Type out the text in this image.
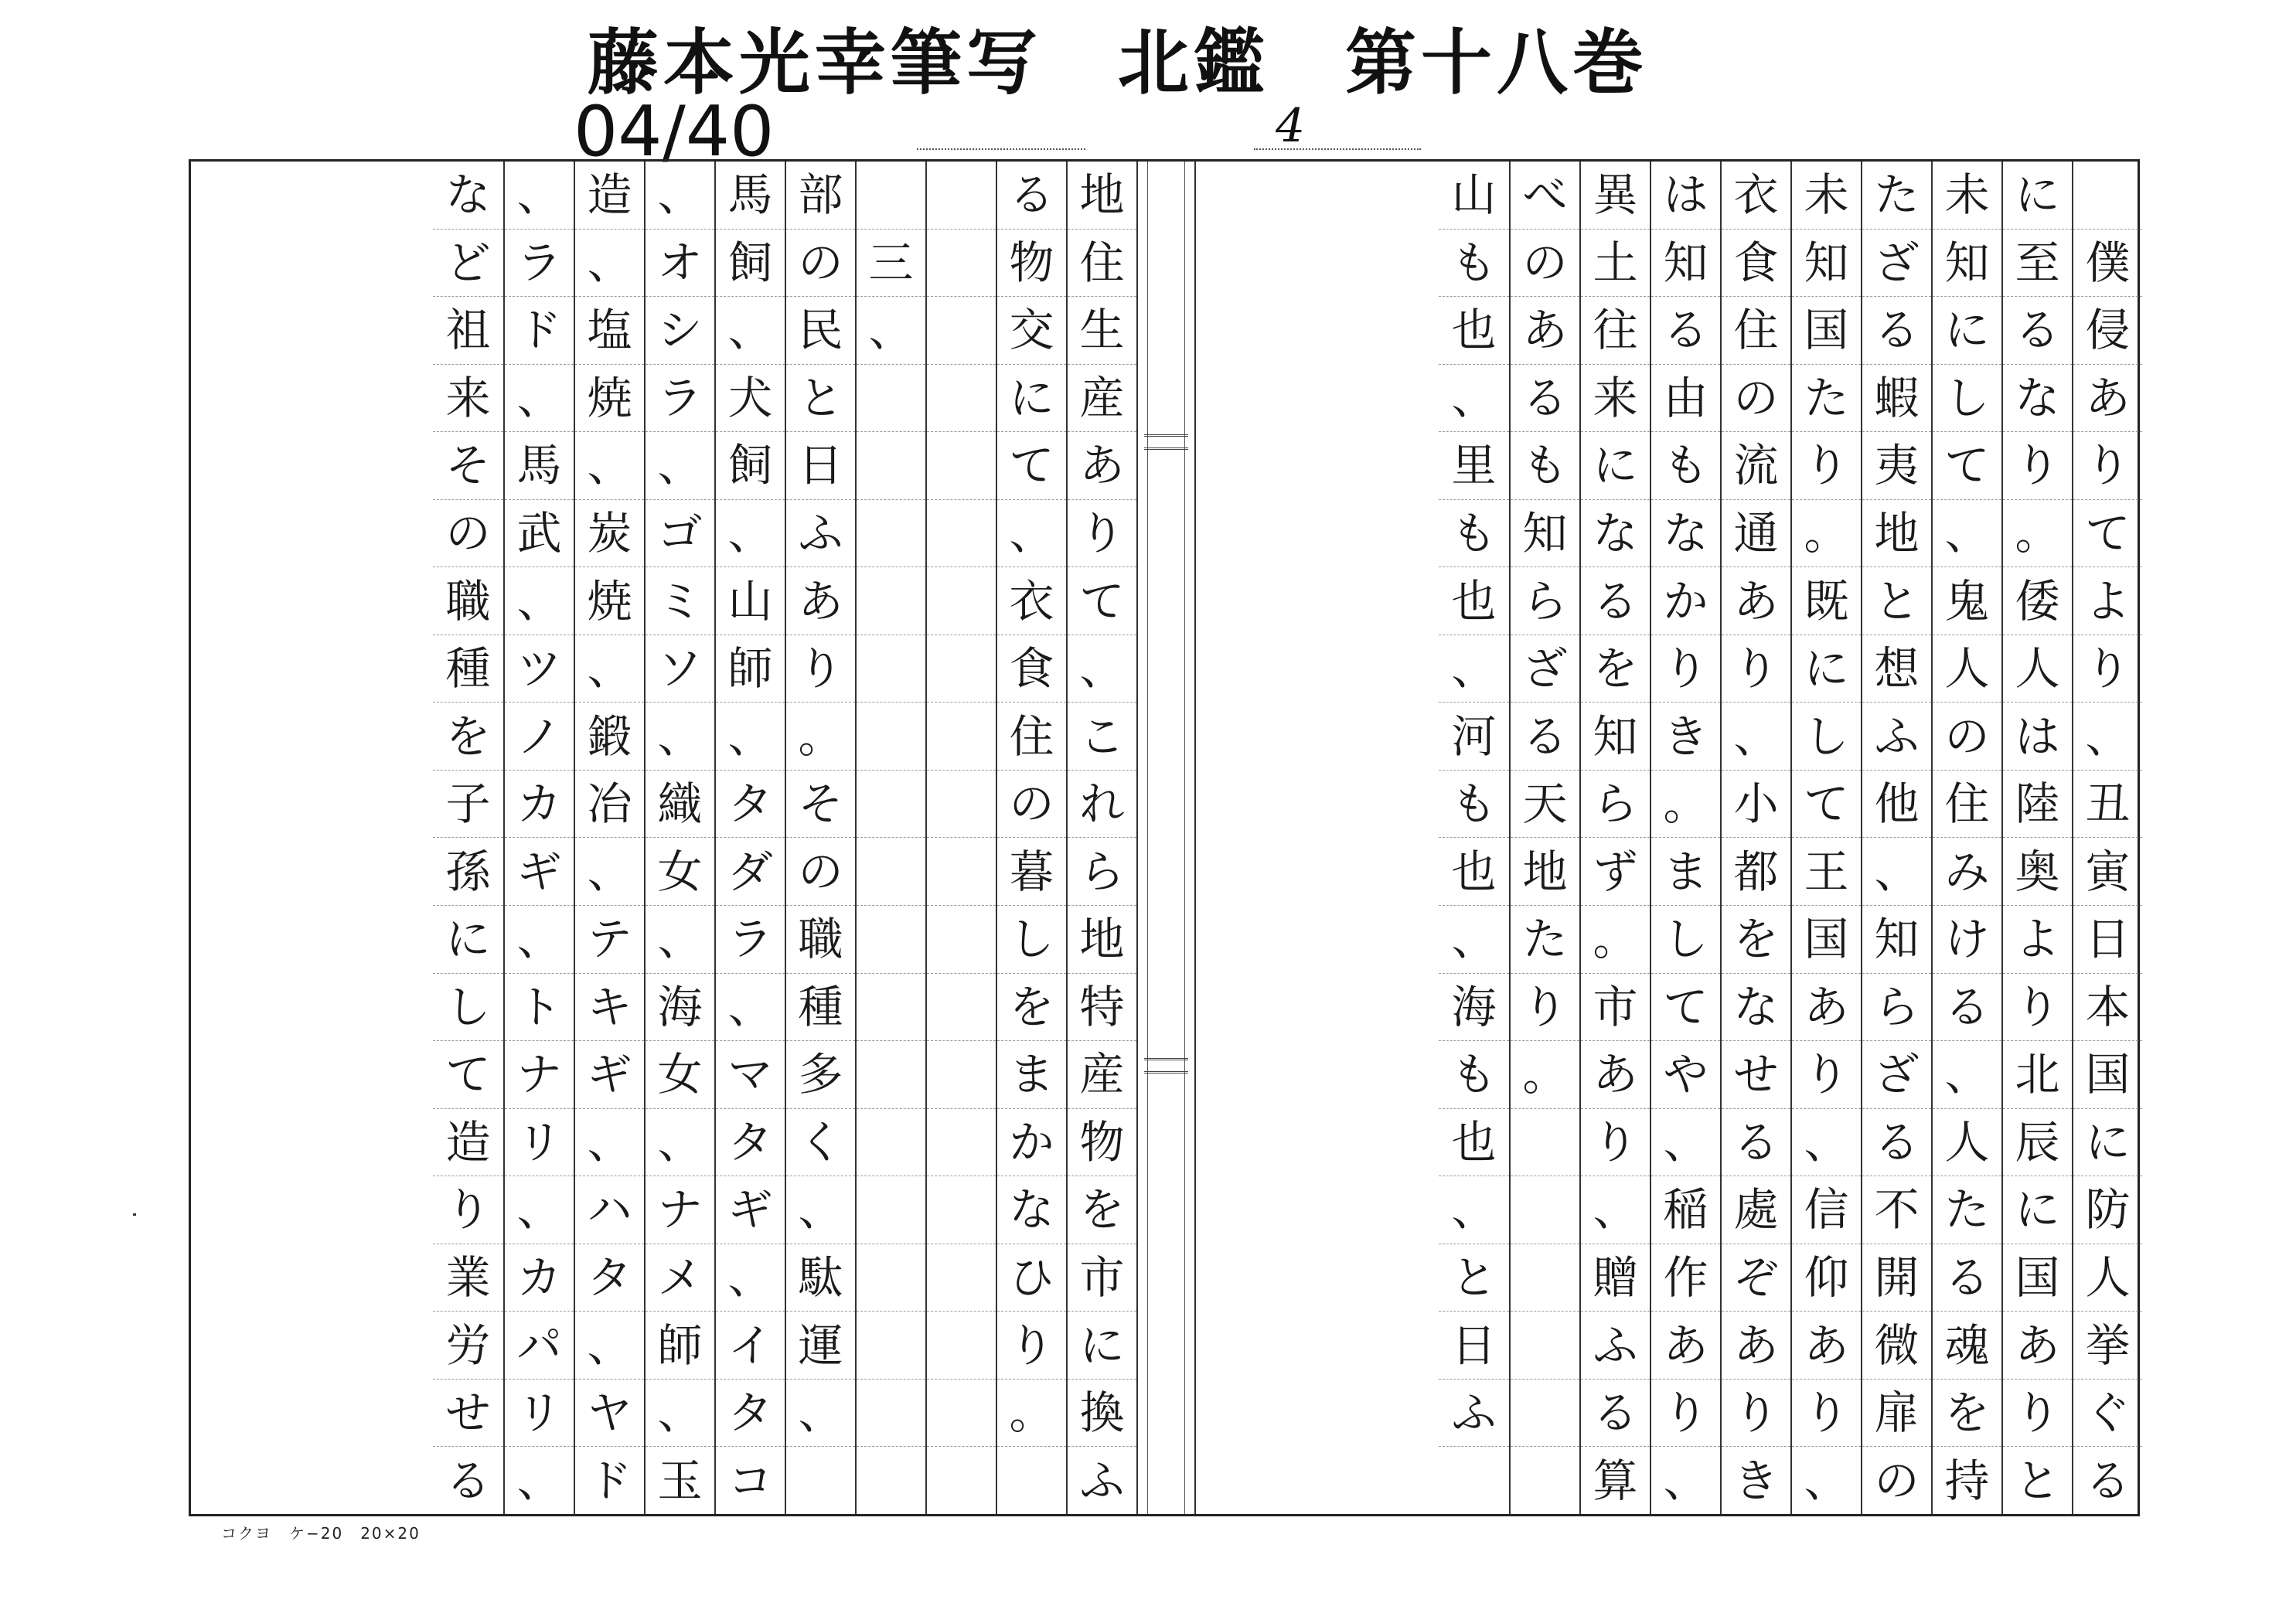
藤本光幸筆写　北鑑　第十八巻
04/40	4

僕
侵
あ
り
て
よ
り
、
丑
寅
日
本
国
に
防
人
挙
ぐ
る
に
至
る
な
り
。
倭
人
は
陸
奥
よ
り
北
辰
に
国
あ
り
と
未
知
に
し
て
、
鬼
人
の
住
み
け
る
、
人
た
る
魂
を
持
た
ざ
る
蝦
夷
地
と
想
ふ
他
、
知
ら
ざ
る
不
開
微
扉
の
未
知
国
た
り
。
既
に
し
て
王
国
あ
り
、
信
仰
あ
り
、
衣
食
住
の
流
通
あ
り
、
小
都
を
な
せ
る
處
ぞ
あ
り
き
は
知
る
由
も
な
か
り
き
。
ま
し
て
や
、
稲
作
あ
り
、
異
土
往
来
に
な
る
を
知
ら
ず
。
市
あ
り
、
贈
ふ
る
算
べ
の
あ
る
も
知
ら
ざ
る
天
地
た
り
。
山
も
也
、
里
も
也
、
河
も
也
、
海
も
也
、
と
日
ふ
地
住
生
産
あ
り
て
、
こ
れ
ら
地
特
産
物
を
市
に
換
ふ
る
物
交
に
て
、
衣
食
住
の
暮
し
を
ま
か
な
ひ
り
。

三
、
部
の
民
と
日
ふ
あ
り
。
そ
の
職
種
多
く
、
駄
運
、
馬
飼
、
犬
飼
、
山
師
、
タ
ダ
ラ
、
マ
タ
ギ
、
イ
タ
コ
、
オ
シ
ラ
、
ゴ
ミ
ソ
、
織
女
、
海
女
、
ナ
メ
師
、
玉
造
、
塩
焼
、
炭
焼
、
鍛
冶
、
テ
キ
ギ
、
ハ
タ
、
ヤ
ド
、
ラ
ド
、
馬
武
、
ツ
ノ
カ
ギ
、
ト
ナ
リ
、
カ
パ
リ
、
な
ど
祖
来
そ
の
職
種
を
子
孫
に
し
て
造
り
業
労
せ
る
コクヨ　ケ−20　20×20
